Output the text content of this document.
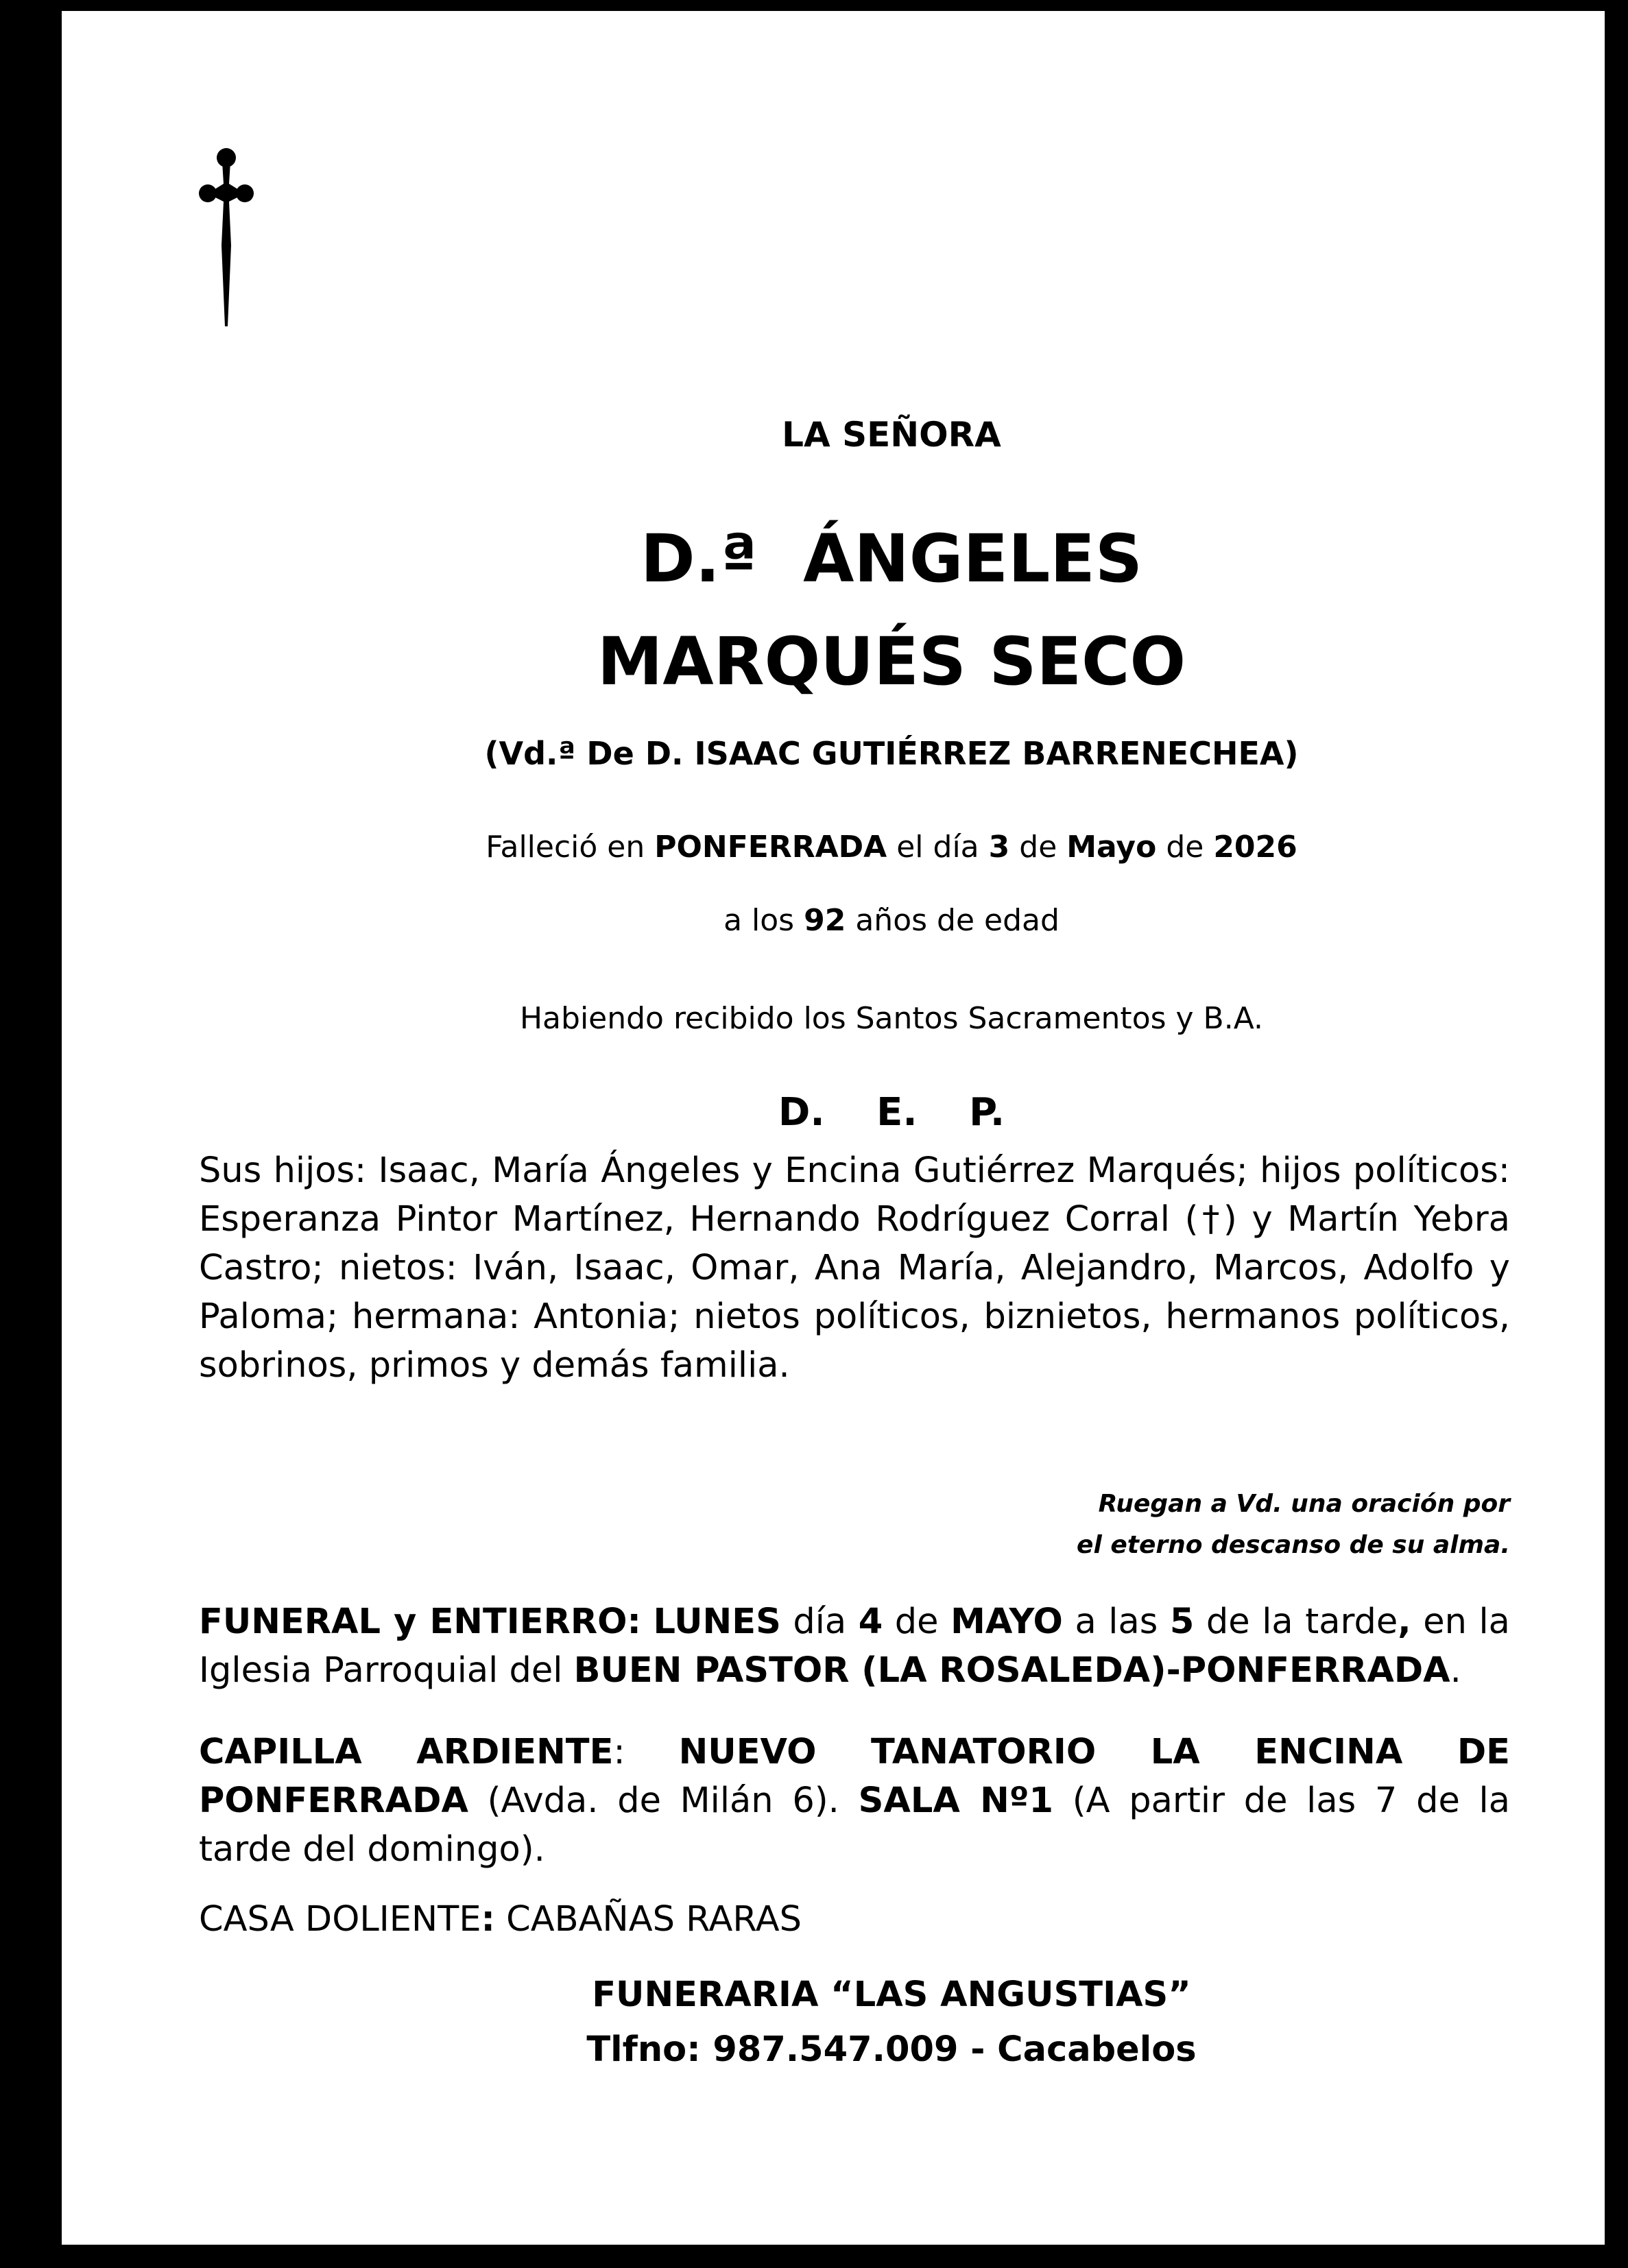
LA SEÑORA

D.ª  ÁNGELES
MARQUÉS SECO

(Vd.ª De D. ISAAC GUTIÉRREZ BARRENECHEA)

Falleció en PONFERRADA el día 3 de Mayo de 2026

a los 92 años de edad

Habiendo recibido los Santos Sacramentos y B.A.

D. E. P.

Sus hijos: Isaac, María Ángeles y Encina Gutiérrez Marqués; hijos políticos: Esperanza Pintor Martínez, Hernando Rodríguez Corral (†) y Martín Yebra Castro; nietos: Iván, Isaac, Omar, Ana María, Alejandro, Marcos, Adolfo y Paloma; hermana: Antonia; nietos políticos, biznietos, hermanos políticos, sobrinos, primos y demás familia.

Ruegan a Vd. una oración por
el eterno descanso de su alma.

FUNERAL y ENTIERRO: LUNES día 4 de MAYO a las 5 de la tarde, en la Iglesia Parroquial del BUEN PASTOR (LA ROSALEDA)-PONFERRADA.

CAPILLA ARDIENTE: NUEVO TANATORIO LA ENCINA DE PONFERRADA (Avda. de Milán 6). SALA Nº1 (A partir de las 7 de la tarde del domingo).

CASA DOLIENTE: CABAÑAS RARAS

FUNERARIA “LAS ANGUSTIAS”

Tlfno: 987.547.009 - Cacabelos
